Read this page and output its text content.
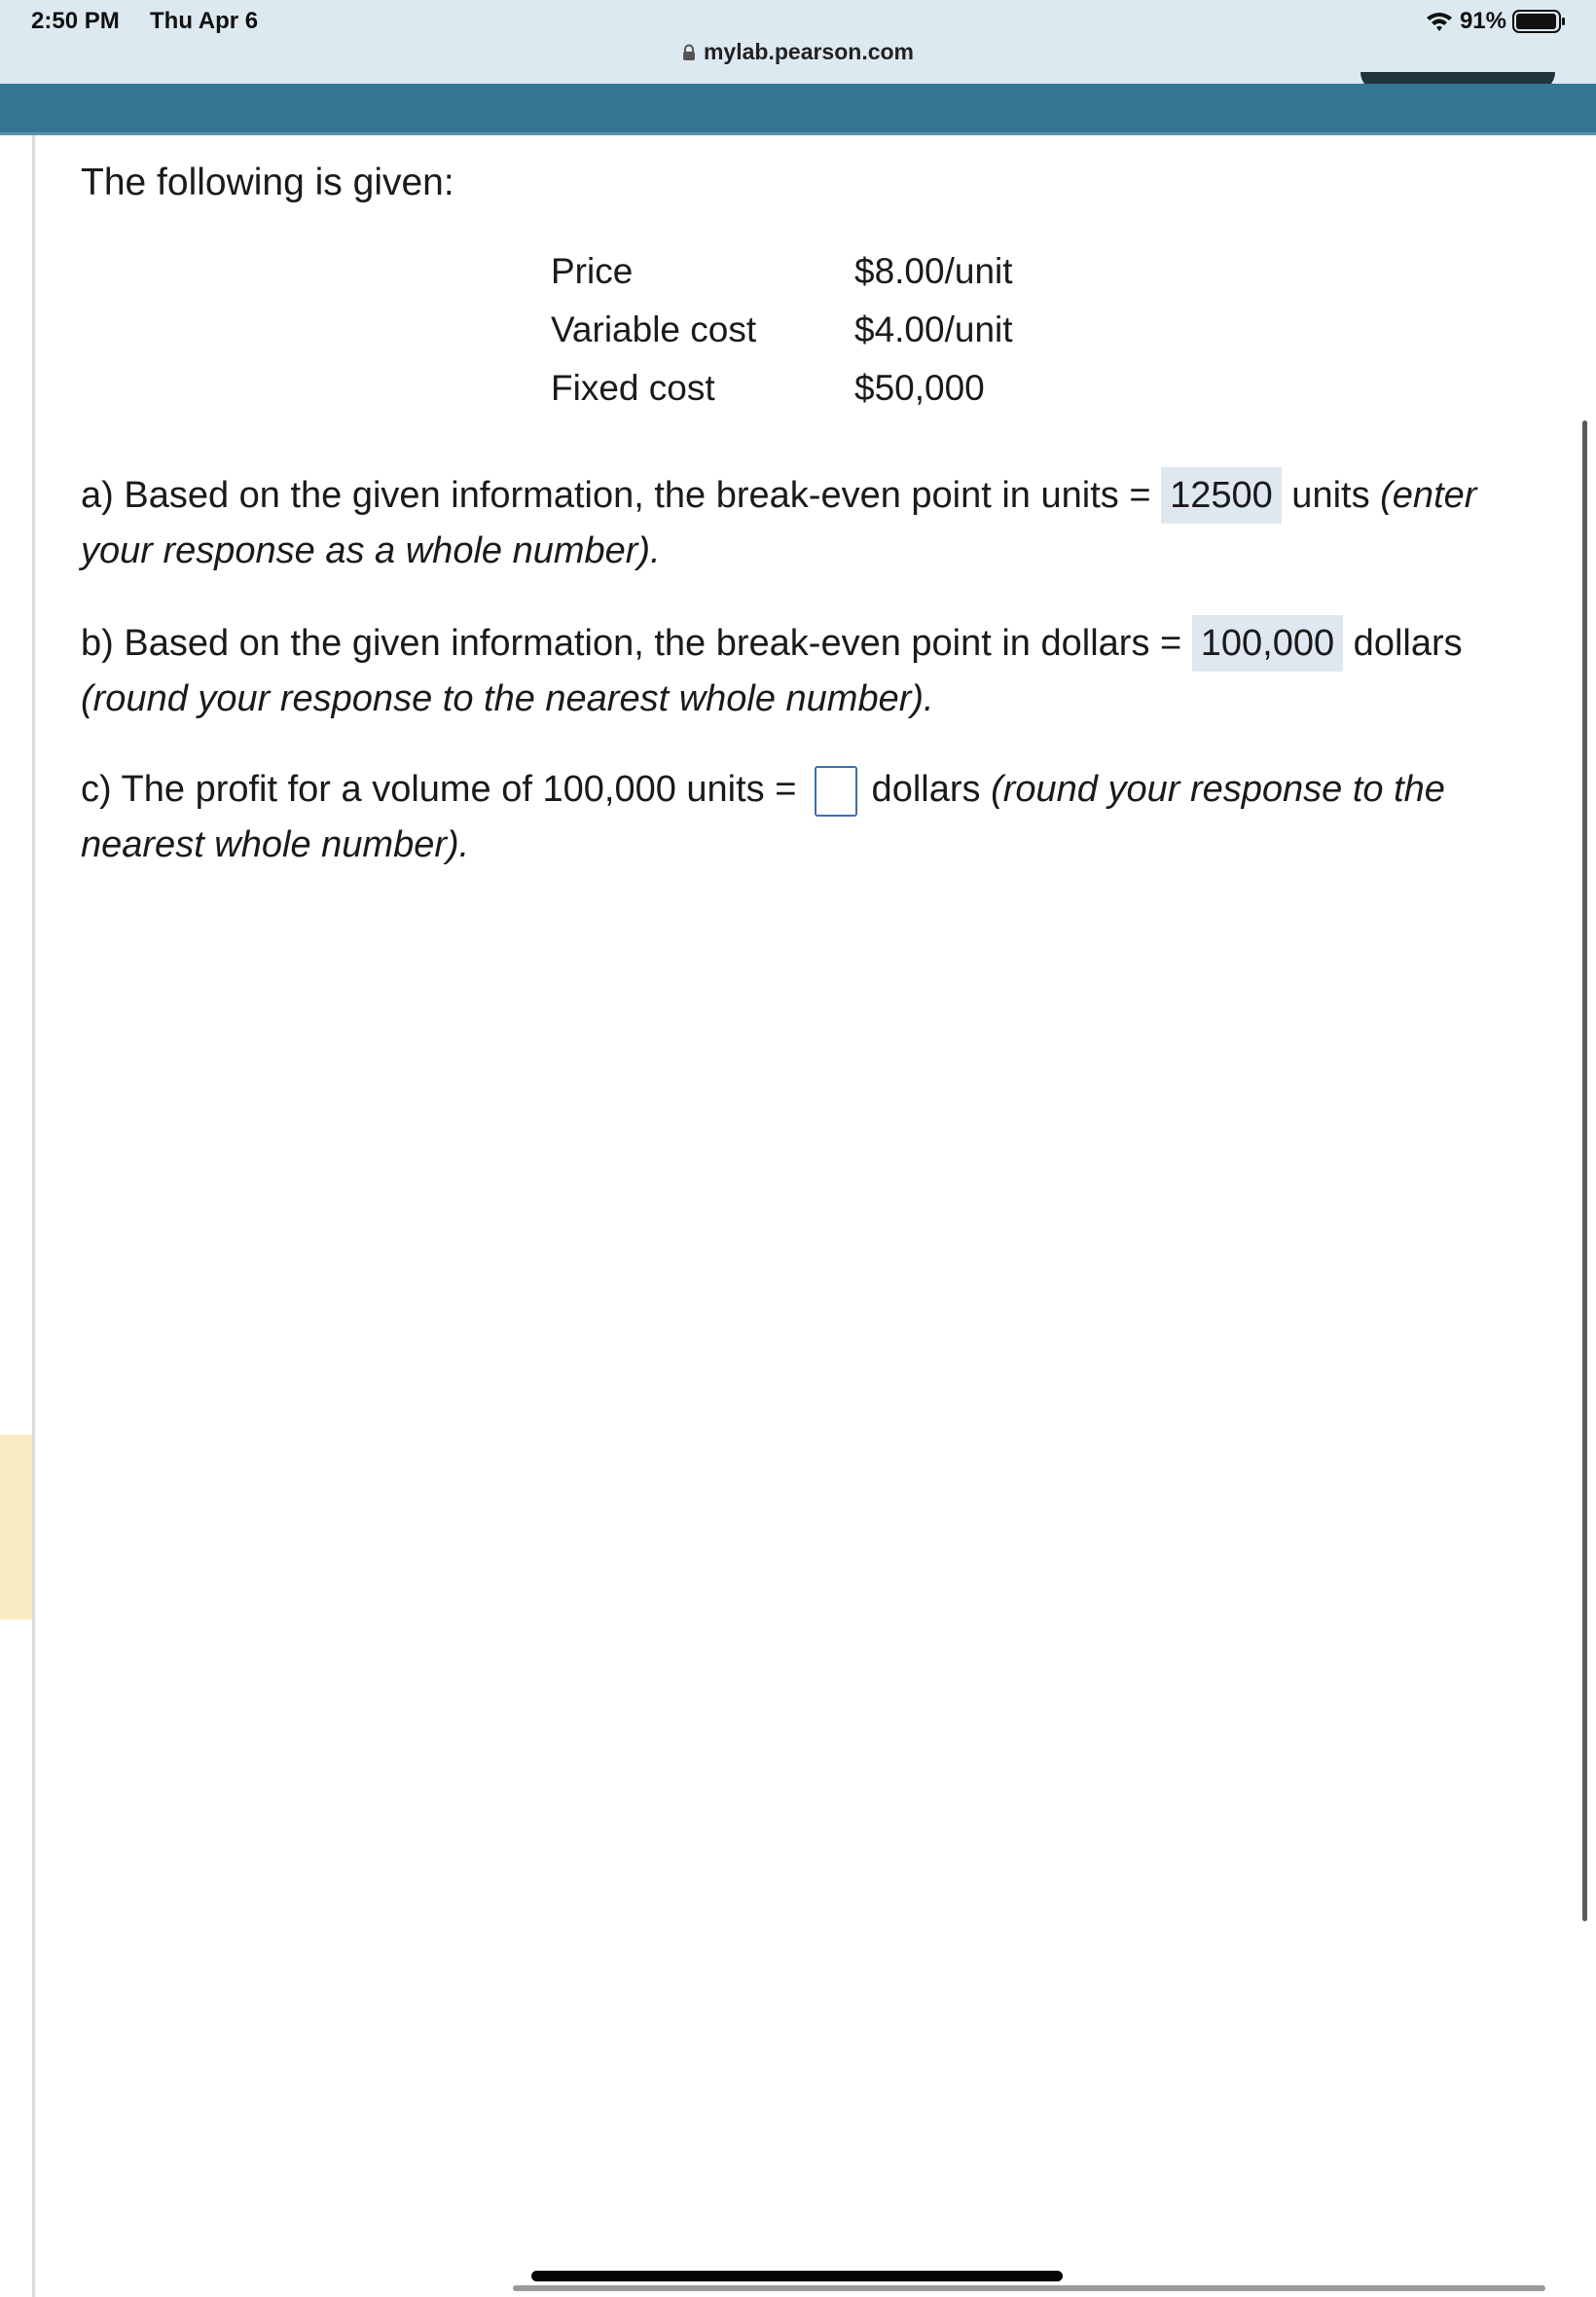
2:50 PM Thu Apr 6	91%
mylab.pearson.com
The following is given:
Price	$8.00/unit
Variable cost	$4.00/unit
Fixed cost	$50,000
a) Based on the given information, the break-even point in units = 12500 units (enter your response as a whole number).
b) Based on the given information, the break-even point in dollars = 100,000 dollars (round your response to the nearest whole number).
c) The profit for a volume of 100,000 units =  dollars (round your response to the nearest whole number).
